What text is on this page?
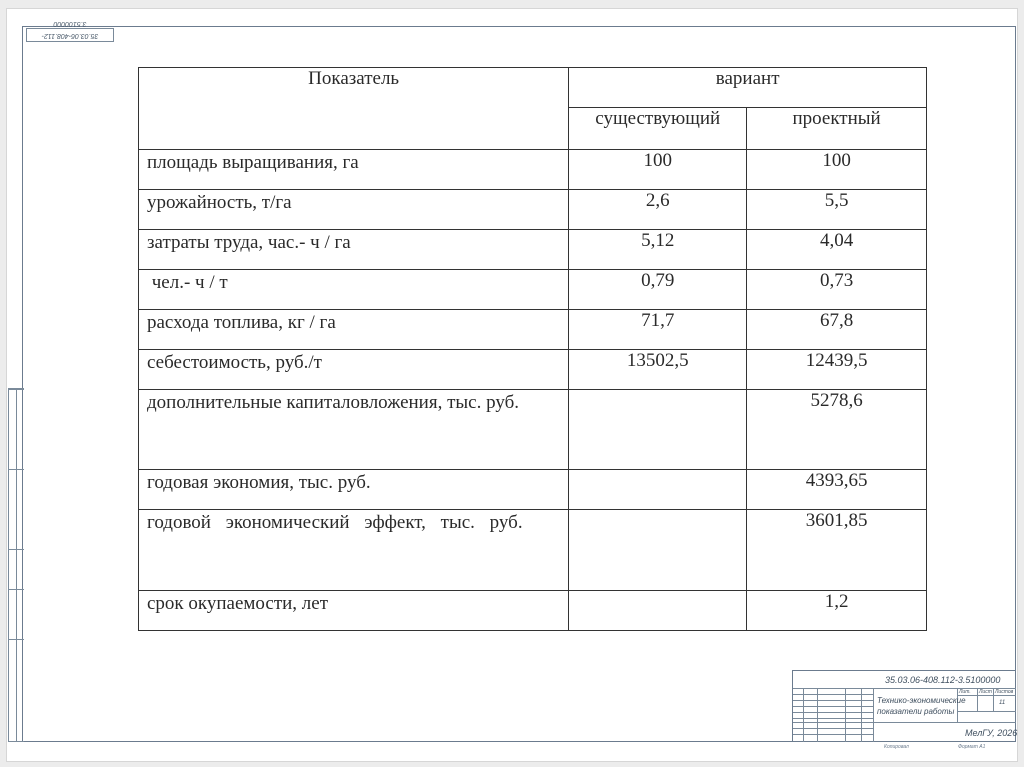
35.03.06-408.112-3.5100000
Показатель	вариант	
	существующий	проектный
площадь выращивания, га	100	100
урожайность, т/га	2,6	5,5
затраты труда, час.- ч / га	5,12	4,04
чел.- ч / т	0,79	0,73
расхода топлива, кг / га	71,7	67,8
себестоимость, руб./т	13502,5	12439,5
дополнительные капиталовложения, тыс. руб.		5278,6
годовая экономия, тыс. руб.		4393,65
годовой экономический эффект, тыс. руб.		3601,85
срок окупаемости, лет		1,2
35.03.06-408.112-3.5100000
Технико-экономические
показатели работы
Лит. Лист Листов
11
МелГУ, 2026
Копировал	Формат А1
